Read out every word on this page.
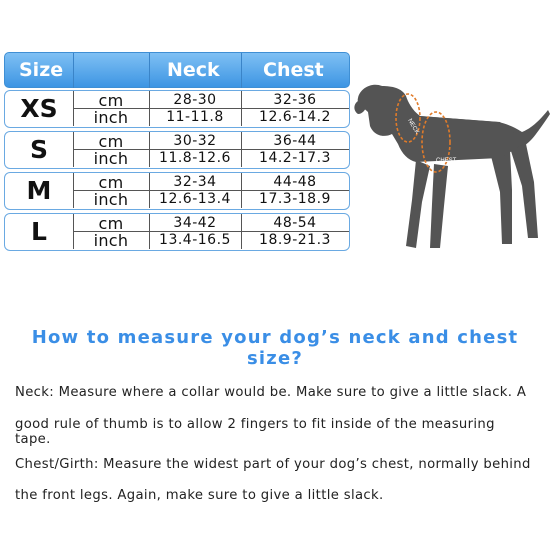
Size	Neck Chest
XS	cm	28-30	32-36
inch	11-11.8	12.6-14.2
S	cm	30-32	36-44
inch	11.8-12.6	14.2-17.3
M	cm	32-34	44-48
inch	12.6-13.4	17.3-18.9
L	cm	34-42	48-54
inch	13.4-16.5	18.9-21.3
NECK
CHEST
How to measure your dog’s neck and chest size?
Neck: Measure where a collar would be. Make sure to give a little slack. A
good rule of thumb is to allow 2 fingers to fit inside of the measuring tape.
Chest/Girth: Measure the widest part of your dog’s chest, normally behind
the front legs. Again, make sure to give a little slack.
